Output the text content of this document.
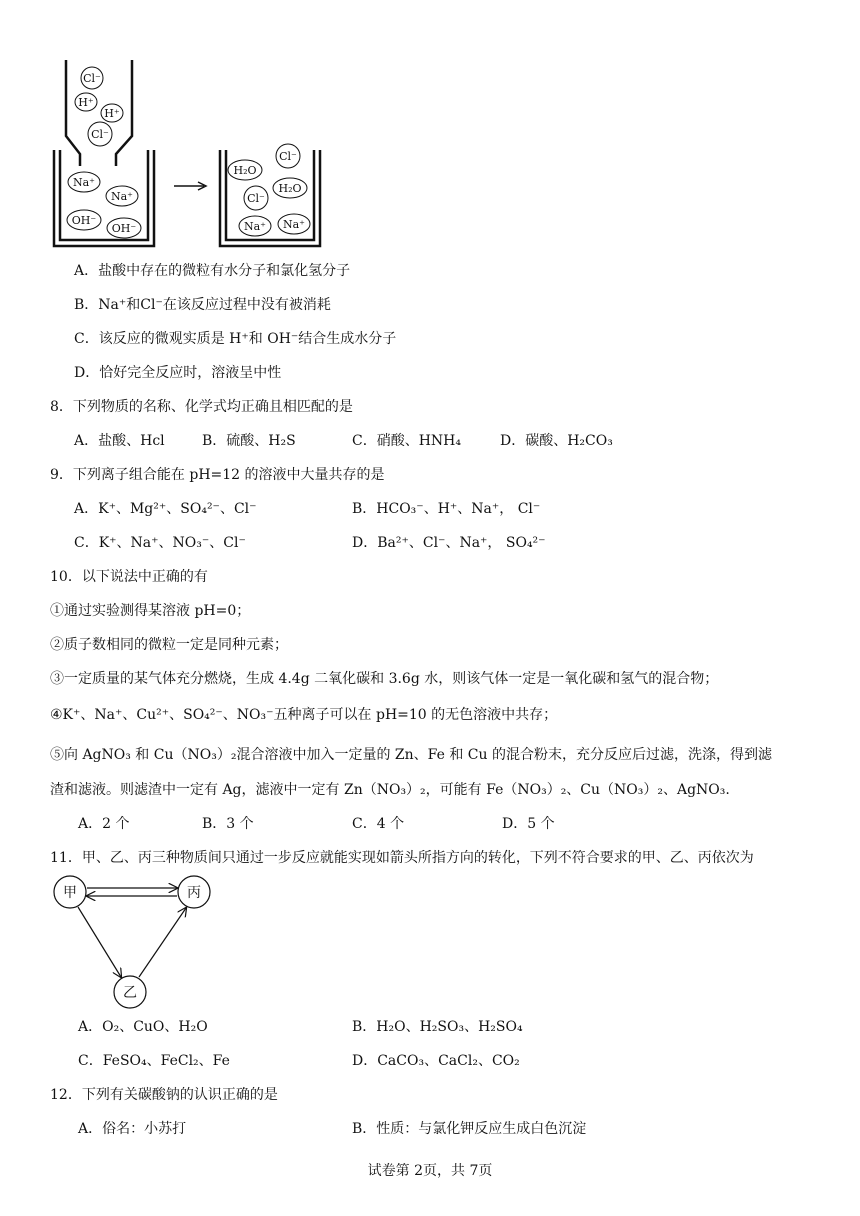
Cl⁻
H⁺
H⁺
Cl⁻
Na⁺
Na⁺
OH⁻
OH⁻
H₂O
Cl⁻
H₂O
Cl⁻
Na⁺ Na⁺
A．盐酸中存在的微粒有水分子和氯化氢分子
B．Na⁺和Cl⁻在该反应过程中没有被消耗
C．该反应的微观实质是 H⁺和 OH⁻结合生成水分子
D．恰好完全反应时，溶液呈中性
8．下列物质的名称、化学式均正确且相匹配的是
A．盐酸、Hcl	B．硫酸、H₂S	C．硝酸、HNH₄	D．碳酸、H₂CO₃
9．下列离子组合能在 pH=12 的溶液中大量共存的是
A．K⁺、Mg²⁺、SO₄²⁻、Cl⁻	B．HCO₃⁻、H⁺、Na⁺， Cl⁻
C．K⁺、Na⁺、NO₃⁻、Cl⁻	D．Ba²⁺、Cl⁻、Na⁺， SO₄²⁻
10．以下说法中正确的有
①通过实验测得某溶液 pH=0；
②质子数相同的微粒一定是同种元素；
③一定质量的某气体充分燃烧，生成 4.4g 二氧化碳和 3.6g 水，则该气体一定是一氧化碳和氢气的混合物；
④K⁺、Na⁺、Cu²⁺、SO₄²⁻、NO₃⁻五种离子可以在 pH=10 的无色溶液中共存；
⑤向 AgNO₃ 和 Cu（NO₃）₂混合溶液中加入一定量的 Zn、Fe 和 Cu 的混合粉末，充分反应后过滤，洗涤，得到滤
渣和滤液。则滤渣中一定有 Ag，滤液中一定有 Zn（NO₃）₂，可能有 Fe（NO₃）₂、Cu（NO₃）₂、AgNO₃.
A．2 个	B．3 个	C．4 个	D．5 个
11．甲、乙、丙三种物质间只通过一步反应就能实现如箭头所指方向的转化，下列不符合要求的甲、乙、丙依次为
甲	丙
乙
A．O₂、CuO、H₂O	B．H₂O、H₂SO₃、H₂SO₄
C．FeSO₄、FeCl₂、Fe	D．CaCO₃、CaCl₂、CO₂
12．下列有关碳酸钠的认识正确的是
A．俗名：小苏打	B．性质：与氯化钾反应生成白色沉淀
试卷第 2页，共 7页
